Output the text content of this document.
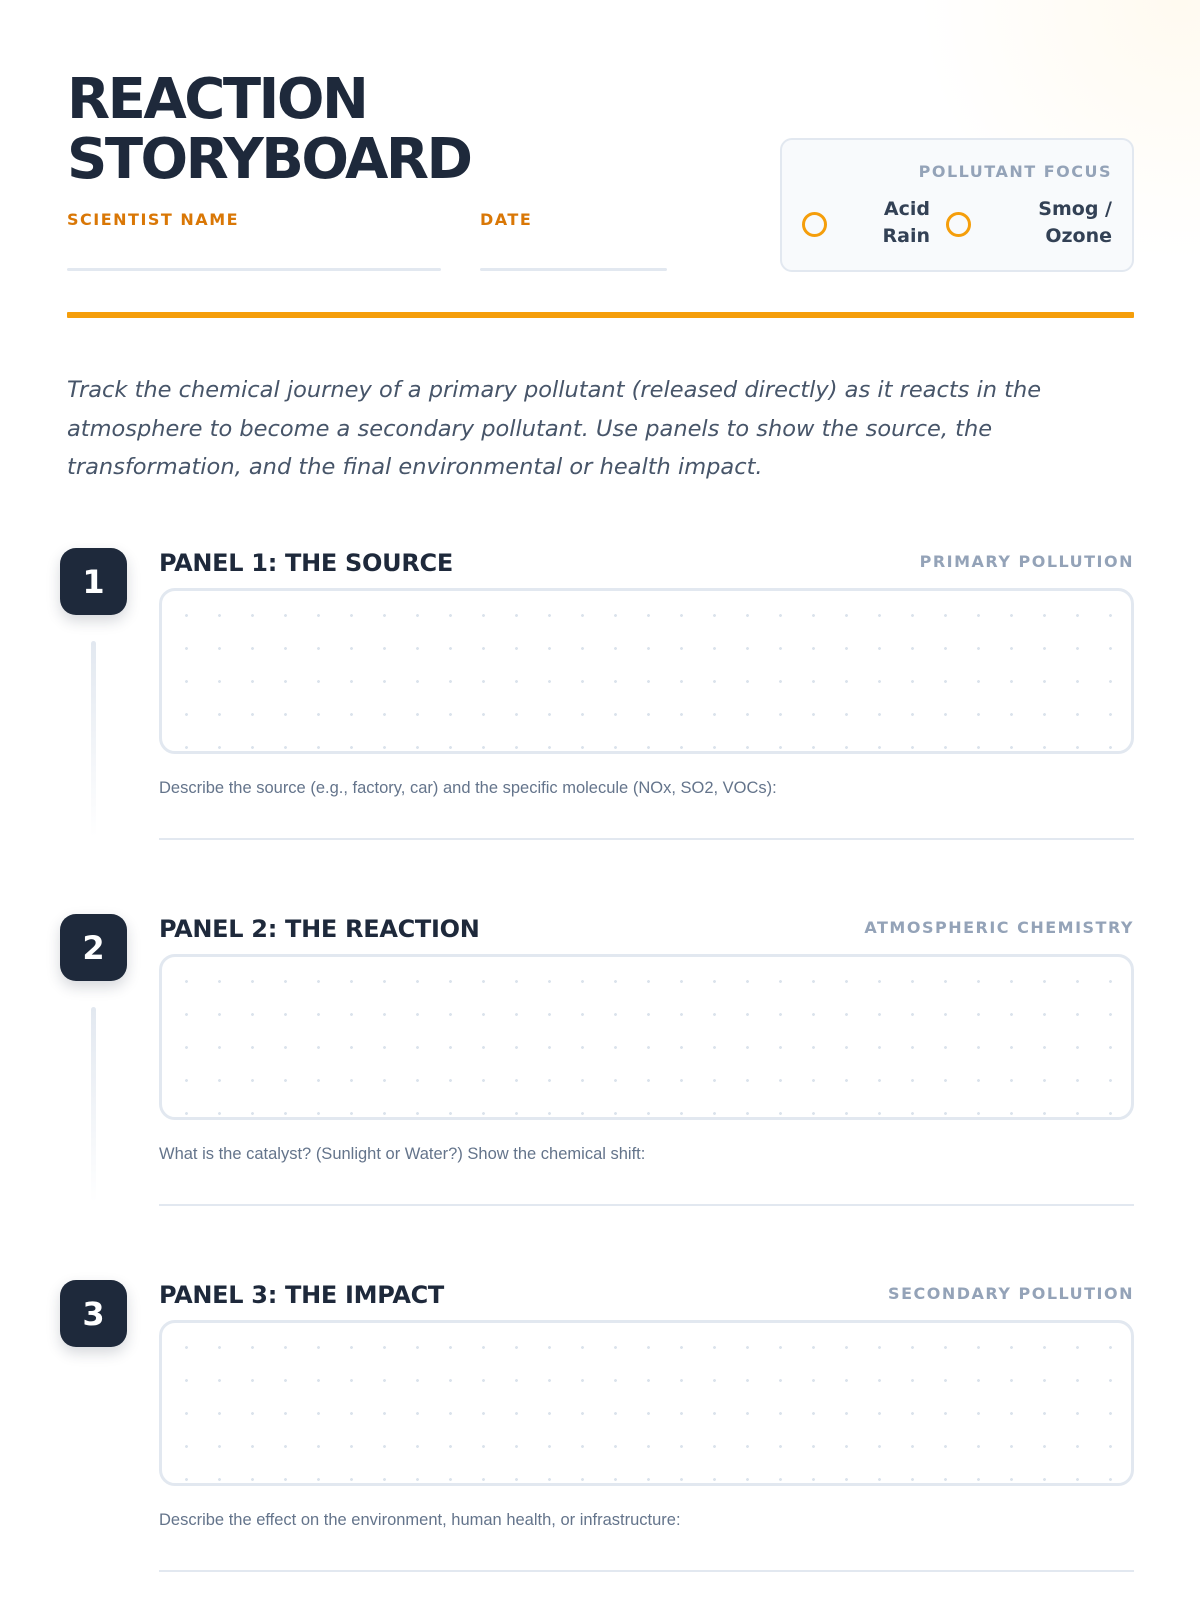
REACTION
STORYBOARD
SCIENTIST NAME	DATE
POLLUTANT FOCUS
Acid
Rain
Smog /
Ozone

Track the chemical journey of a primary pollutant (released directly) as it reacts in the atmosphere to become a secondary pollutant. Use panels to show the source, the transformation, and the final environmental or health impact.

1	PANEL 1: THE SOURCE	PRIMARY POLLUTION
Describe the source (e.g., factory, car) and the specific molecule (NOx, SO2, VOCs):
2	PANEL 2: THE REACTION	ATMOSPHERIC CHEMISTRY
What is the catalyst? (Sunlight or Water?) Show the chemical shift:
3	PANEL 3: THE IMPACT	SECONDARY POLLUTION
Describe the effect on the environment, human health, or infrastructure:
